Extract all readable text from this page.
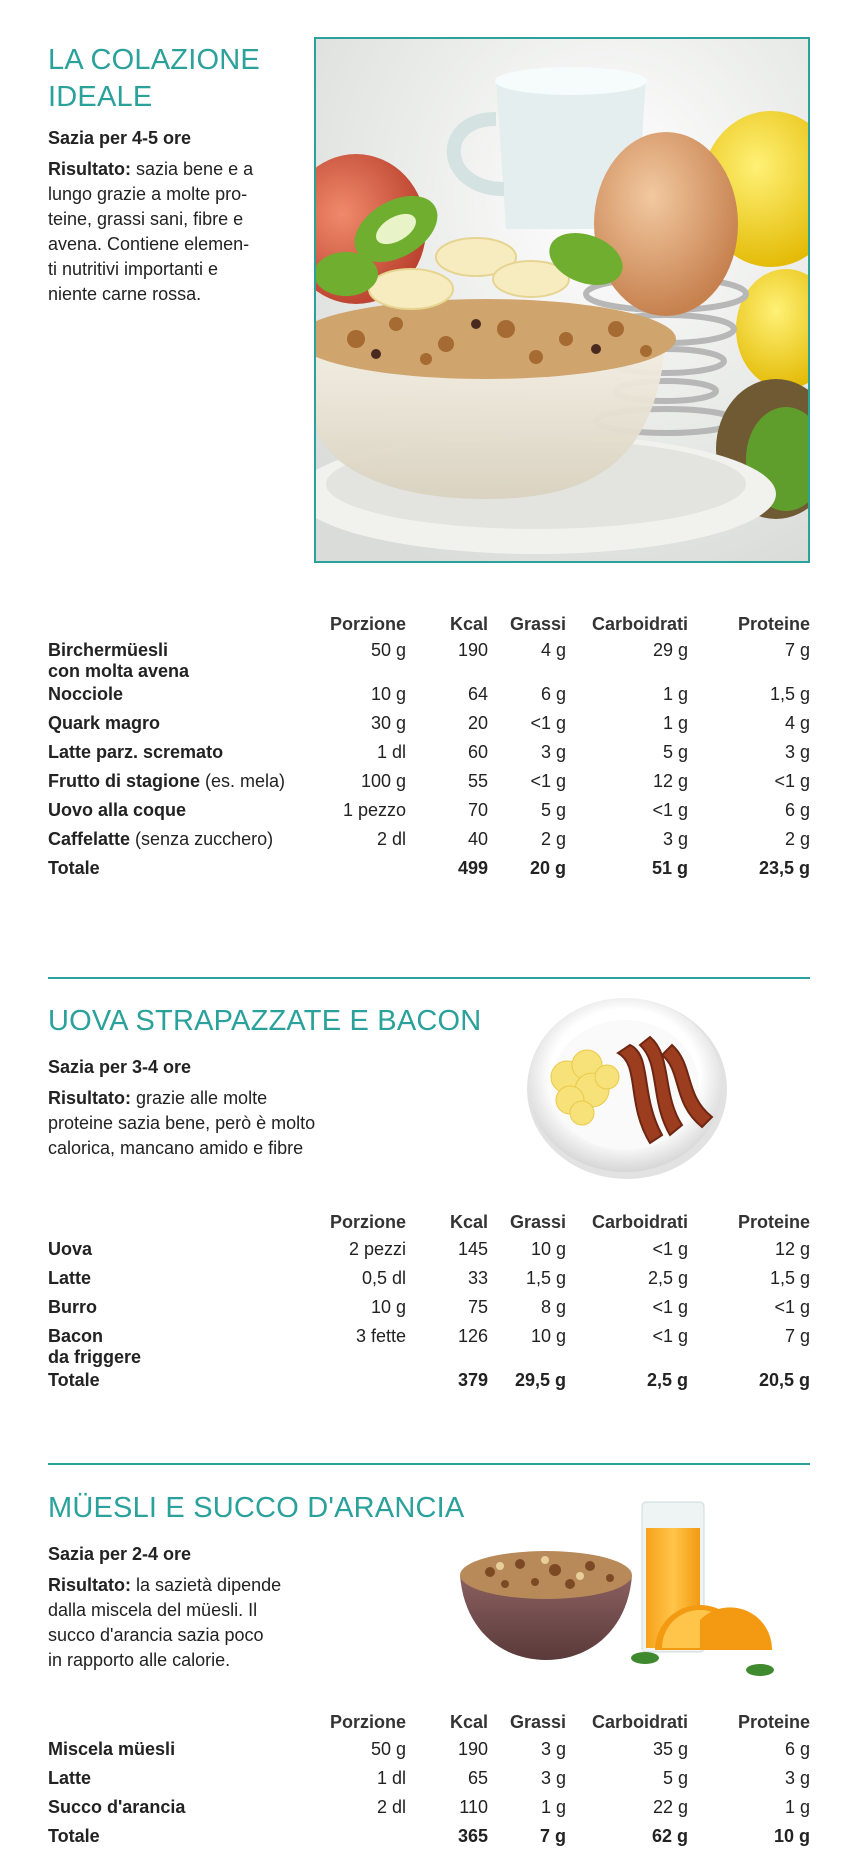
LA COLAZIONE
IDEALE
Sazia per 4-5 ore
Risultato: sazia bene e a
lungo grazie a molte pro-
teine, grassi sani, fibre e
avena. Contiene elemen-
ti nutritivi importanti e
niente carne rossa.
	Porzione	Kcal	Grassi	Carboidrati	Proteine
Birchermüesli
con molta avena	50 g	190	4 g	29 g	7 g
Nocciole	10 g	64	6 g	1 g	1,5 g
Quark magro	30 g	20	<1 g	1 g	4 g
Latte parz. scremato	1 dl	60	3 g	5 g	3 g
Frutto di stagione (es. mela)	100 g	55	<1 g	12 g	<1 g
Uovo alla coque	1 pezzo	70	5 g	<1 g	6 g
Caffelatte (senza zucchero)	2 dl	40	2 g	3 g	2 g
Totale		499	20 g	51 g	23,5 g
UOVA STRAPAZZATE E BACON
Sazia per 3-4 ore
Risultato: grazie alle molte
proteine sazia bene, però è molto
calorica, mancano amido e fibre
	Porzione	Kcal	Grassi	Carboidrati	Proteine
Uova	2 pezzi	145	10 g	<1 g	12 g
Latte	0,5 dl	33	1,5 g	2,5 g	1,5 g
Burro	10 g	75	8 g	<1 g	<1 g
Bacon
da friggere	3 fette	126	10 g	<1 g	7 g
Totale		379	29,5 g	2,5 g	20,5 g
MÜESLI E SUCCO D'ARANCIA
Sazia per 2-4 ore
Risultato: la sazietà dipende
dalla miscela del müesli. Il
succo d'arancia sazia poco
in rapporto alle calorie.
	Porzione	Kcal	Grassi	Carboidrati	Proteine
Miscela müesli	50 g	190	3 g	35 g	6 g
Latte	1 dl	65	3 g	5 g	3 g
Succo d'arancia	2 dl	110	1 g	22 g	1 g
Totale		365	7 g	62 g	10 g
